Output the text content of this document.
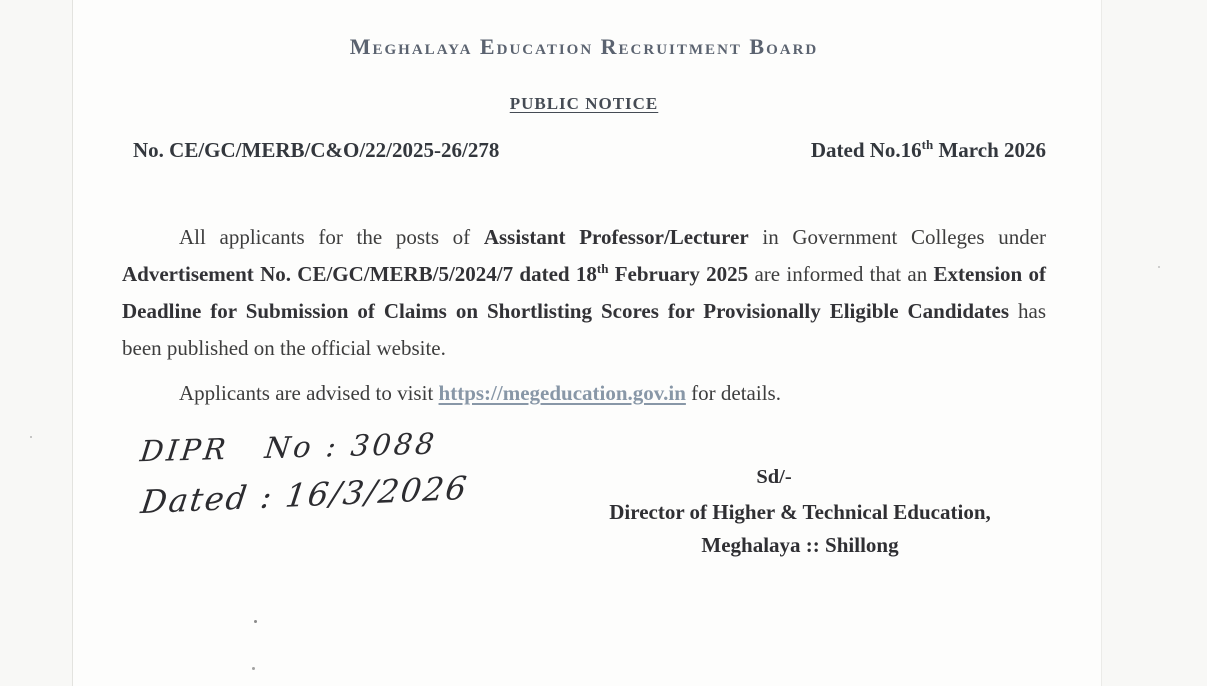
Meghalaya Education Recruitment Board
PUBLIC NOTICE
No. CE/GC/MERB/C&O/22/2025-26/278	Dated No.16th March 2026

All applicants for the posts of Assistant Professor/Lecturer in Government Colleges under Advertisement No. CE/GC/MERB/5/2024/7 dated 18th February 2025 are informed that an Extension of Deadline for Submission of Claims on Shortlisting Scores for Provisionally Eligible Candidates has been published on the official website.

Applicants are advised to visit https://megeducation.gov.in for details.

DIPR   No : 3088
Dated : 16/3/2026	Sd/-
Director of Higher & Technical Education,
Meghalaya :: Shillong
